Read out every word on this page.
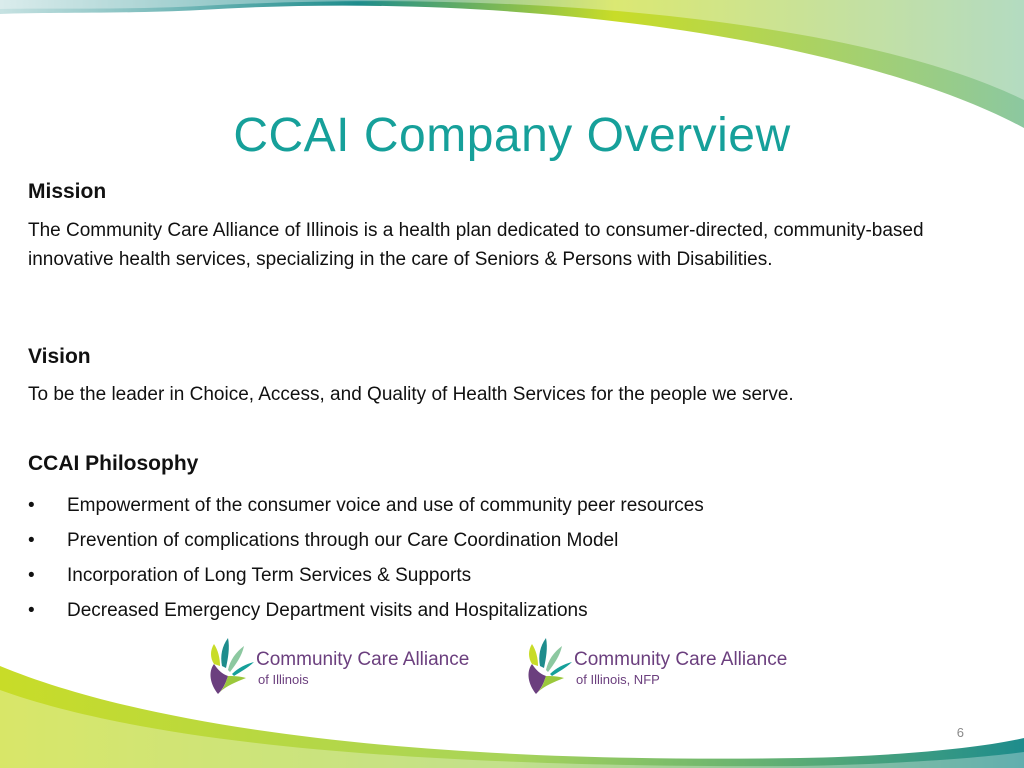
CCAI Company Overview
Mission
The Community Care Alliance of Illinois is a health plan dedicated to consumer-directed, community-based innovative health services, specializing in the care of Seniors & Persons with Disabilities.
Vision
To be the leader in Choice, Access, and Quality of Health Services for the people we serve.
CCAI Philosophy
• Empowerment of the consumer voice and use of community peer resources
• Prevention of complications through our Care Coordination Model
• Incorporation of Long Term Services & Supports
• Decreased Emergency Department visits and Hospitalizations
Community Care Alliance
of Illinois
Community Care Alliance
of Illinois, NFP
6
